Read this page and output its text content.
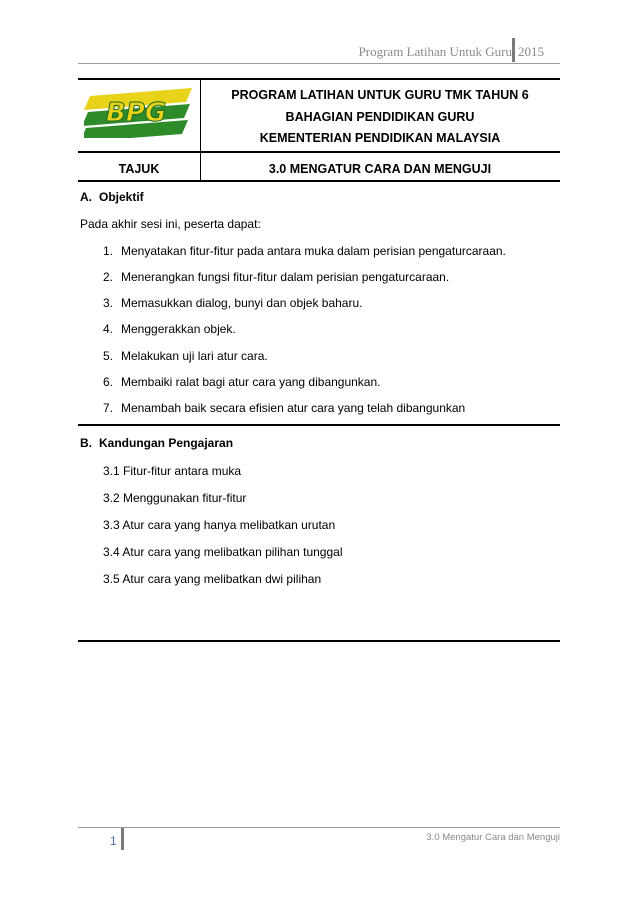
Program Latihan Untuk Guru 2015
BPG
PROGRAM LATIHAN UNTUK GURU TMK TAHUN 6
BAHAGIAN PENDIDIKAN GURU
KEMENTERIAN PENDIDIKAN MALAYSIA
TAJUK	3.0 MENGATUR CARA DAN MENGUJI
A. Objektif
Pada akhir sesi ini, peserta dapat:
1. Menyatakan fitur-fitur pada antara muka dalam perisian pengaturcaraan.
2. Menerangkan fungsi fitur-fitur dalam perisian pengaturcaraan.
3. Memasukkan dialog, bunyi dan objek baharu.
4. Menggerakkan objek.
5. Melakukan uji lari atur cara.
6. Membaiki ralat bagi atur cara yang dibangunkan.
7. Menambah baik secara efisien atur cara yang telah dibangunkan
B. Kandungan Pengajaran
3.1 Fitur-fitur antara muka
3.2 Menggunakan fitur-fitur
3.3 Atur cara yang hanya melibatkan urutan
3.4 Atur cara yang melibatkan pilihan tunggal
3.5 Atur cara yang melibatkan dwi pilihan
1	3.0 Mengatur Cara dan Menguji
